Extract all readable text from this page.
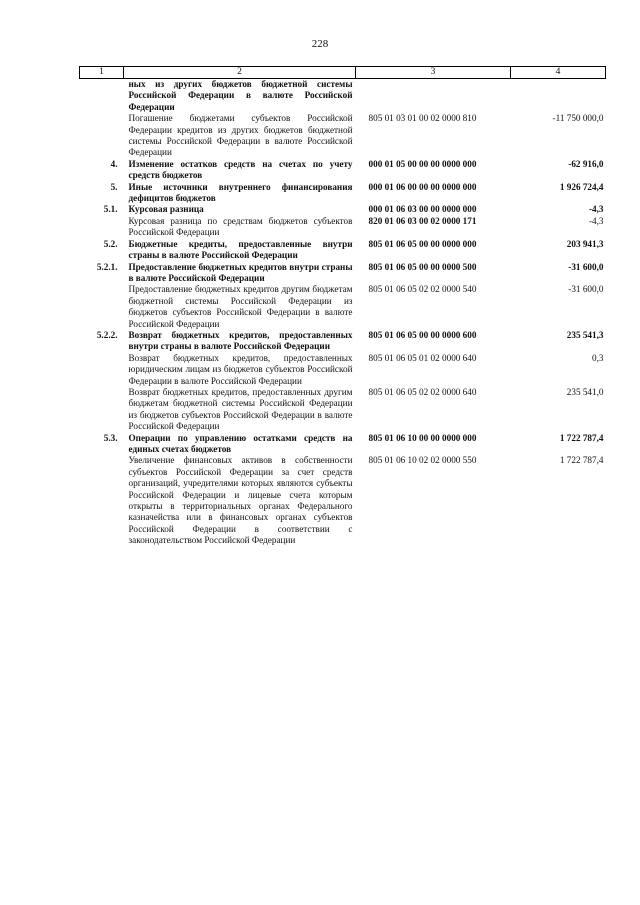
228
1	2	3	4
	ных из других бюджетов бюджетной системы Российской Федерации в валюте Российской Федерации		
	Погашение бюджетами субъектов Российской Федерации кредитов из других бюджетов бюджетной системы Российской Федерации в валюте Российской Федерации	805 01 03 01 00 02 0000 810	-11 750 000,0
4.	Изменение остатков средств на счетах по учету средств бюджетов	000 01 05 00 00 00 0000 000	-62 916,0
5.	Иные источники внутреннего финансирования дефицитов бюджетов	000 01 06 00 00 00 0000 000	1 926 724,4
5.1.	Курсовая разница	000 01 06 03 00 00 0000 000	-4,3
	Курсовая разница по средствам бюджетов субъектов Российской Федерации	820 01 06 03 00 02 0000 171	-4,3
5.2.	Бюджетные кредиты, предоставленные внутри страны в валюте Российской Федерации	805 01 06 05 00 00 0000 000	203 941,3
5.2.1.	Предоставление бюджетных кредитов внутри страны в валюте Российской Федерации	805 01 06 05 00 00 0000 500	-31 600,0
	Предоставление бюджетных кредитов другим бюджетам бюджетной системы Российской Федерации из бюджетов субъектов Российской Федерации в валюте Российской Федерации	805 01 06 05 02 02 0000 540	-31 600,0
5.2.2.	Возврат бюджетных кредитов, предоставленных внутри страны в валюте Российской Федерации	805 01 06 05 00 00 0000 600	235 541,3
	Возврат бюджетных кредитов, предоставленных юридическим лицам из бюджетов субъектов Российской Федерации в валюте Российской Федерации	805 01 06 05 01 02 0000 640	0,3
	Возврат бюджетных кредитов, предоставленных другим бюджетам бюджетной системы Российской Федерации из бюджетов субъектов Российской Федерации в валюте Российской Федерации	805 01 06 05 02 02 0000 640	235 541,0
5.3.	Операции по управлению остатками средств на единых счетах бюджетов	805 01 06 10 00 00 0000 000	1 722 787,4
	Увеличение финансовых активов в собственности субъектов Российской Федерации за счет средств организаций, учредителями которых являются субъекты Российской Федерации и лицевые счета которым открыты в территориальных органах Федерального казначейства или в финансовых органах субъектов Российской Федерации в соответствии с законодательством Российской Федерации	805 01 06 10 02 02 0000 550	1 722 787,4
